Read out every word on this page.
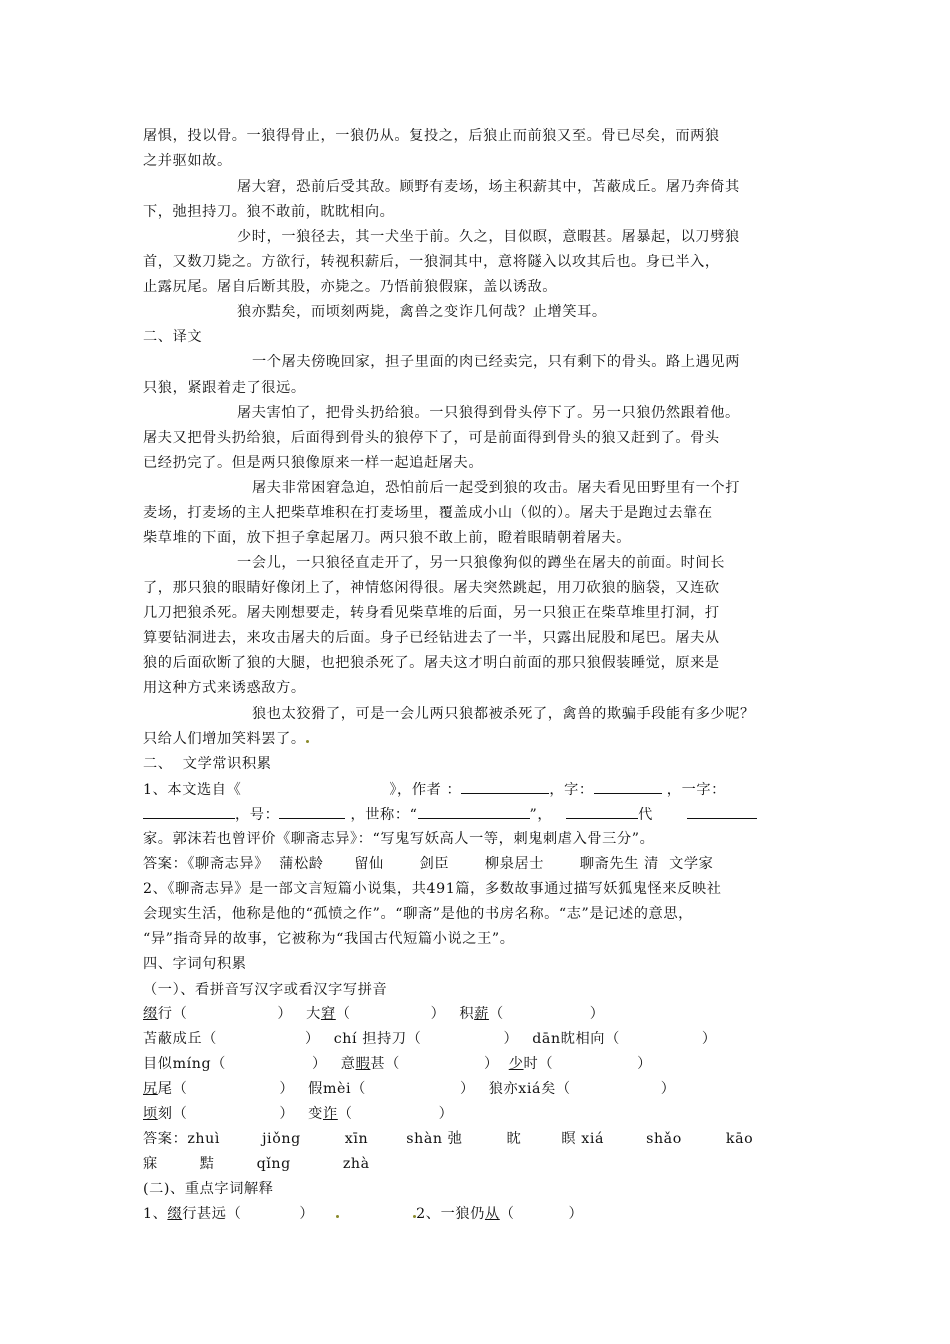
屠惧，投以骨。一狼得骨止，一狼仍从。复投之，后狼止而前狼又至。骨已尽矣，而两狼
之并驱如故。
屠大窘，恐前后受其敌。顾野有麦场，场主积薪其中，苫蔽成丘。屠乃奔倚其
下，弛担持刀。狼不敢前，眈眈相向。
少时，一狼径去，其一犬坐于前。久之，目似瞑，意暇甚。屠暴起，以刀劈狼
首，又数刀毙之。方欲行，转视积薪后，一狼洞其中，意将隧入以攻其后也。身已半入，
止露尻尾。屠自后断其股，亦毙之。乃悟前狼假寐，盖以诱敌。
狼亦黠矣，而顷刻两毙，禽兽之变诈几何哉？止增笑耳。
二、译文
一个屠夫傍晚回家，担子里面的肉已经卖完，只有剩下的骨头。路上遇见两
只狼，紧跟着走了很远。
屠夫害怕了，把骨头扔给狼。一只狼得到骨头停下了。另一只狼仍然跟着他。
屠夫又把骨头扔给狼，后面得到骨头的狼停下了，可是前面得到骨头的狼又赶到了。骨头
已经扔完了。但是两只狼像原来一样一起追赶屠夫。
屠夫非常困窘急迫，恐怕前后一起受到狼的攻击。屠夫看见田野里有一个打
麦场，打麦场的主人把柴草堆积在打麦场里，覆盖成小山（似的）。屠夫于是跑过去靠在
柴草堆的下面，放下担子拿起屠刀。两只狼不敢上前，瞪着眼睛朝着屠夫。
一会儿，一只狼径直走开了，另一只狼像狗似的蹲坐在屠夫的前面。时间长
了，那只狼的眼睛好像闭上了，神情悠闲得很。屠夫突然跳起，用刀砍狼的脑袋，又连砍
几刀把狼杀死。屠夫刚想要走，转身看见柴草堆的后面，另一只狼正在柴草堆里打洞，打
算要钻洞进去，来攻击屠夫的后面。身子已经钻进去了一半，只露出屁股和尾巴。屠夫从
狼的后面砍断了狼的大腿，也把狼杀死了。屠夫这才明白前面的那只狼假装睡觉，原来是
用这种方式来诱惑敌方。
狼也太狡猾了，可是一会儿两只狼都被杀死了，禽兽的欺骗手段能有多少呢？
只给人们增加笑料罢了。
二、  文学常识积累
1、本文选自《	》，作者 ：	，字：	，一字：
，号：	，世称：“	”，	代
家。郭沫若也曾评价《聊斋志异》：“写鬼写妖高人一等，刺鬼刺虐入骨三分”。
答案：《聊斋志异》  蒲松龄      留仙       剑臣       柳泉居士       聊斋先生 清  文学家
2、《聊斋志异》是一部文言短篇小说集，共491篇，多数故事通过描写妖狐鬼怪来反映社
会现实生活，他称是他的“孤愤之作”。“聊斋”是他的书房名称。“志”是记述的意思，
“异”指奇异的故事，它被称为“我国古代短篇小说之王”。
四、字词句积累
（一）、看拼音写汉字或看汉字写拼音
缀行（	） 大窘（	） 积薪（	）
苫蔽成丘（	） chí 担持刀（	） dān眈相向（	）
目似míng（	） 意暇甚（	） 少时（	）
尻尾（	） 假mèi（	） 狼亦xiá矣（	）
顷刻（	） 变诈（	）
答案：zhuì	jiǒng	xīn	shàn 弛	眈	瞑 xiá	shǎo	kāo
寐	黠	qǐng	zhà
(二)、重点字词解释
1、缀行甚远（	）	2、一狼仍从（	）
